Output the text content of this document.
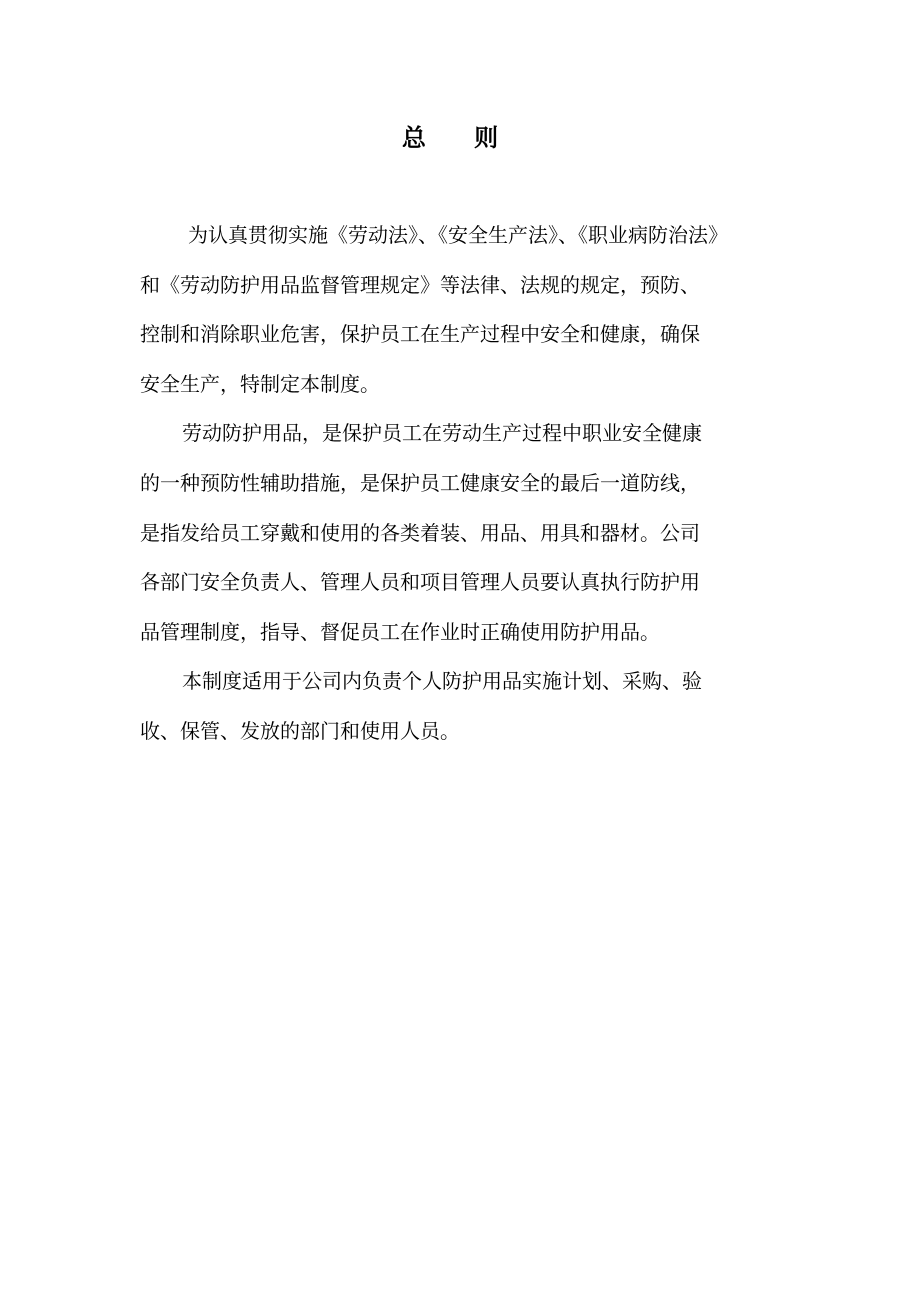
总 则
为认真贯彻实施《劳动法》、《安全生产法》、《职业病防治法》
和《劳动防护用品监督管理规定》等法律、法规的规定，预防、
控制和消除职业危害，保护员工在生产过程中安全和健康，确保
安全生产，特制定本制度。
劳动防护用品，是保护员工在劳动生产过程中职业安全健康
的一种预防性辅助措施，是保护员工健康安全的最后一道防线，
是指发给员工穿戴和使用的各类着装、用品、用具和器材。公司
各部门安全负责人、管理人员和项目管理人员要认真执行防护用
品管理制度，指导、督促员工在作业时正确使用防护用品。
本制度适用于公司内负责个人防护用品实施计划、采购、验
收、保管、发放的部门和使用人员。
